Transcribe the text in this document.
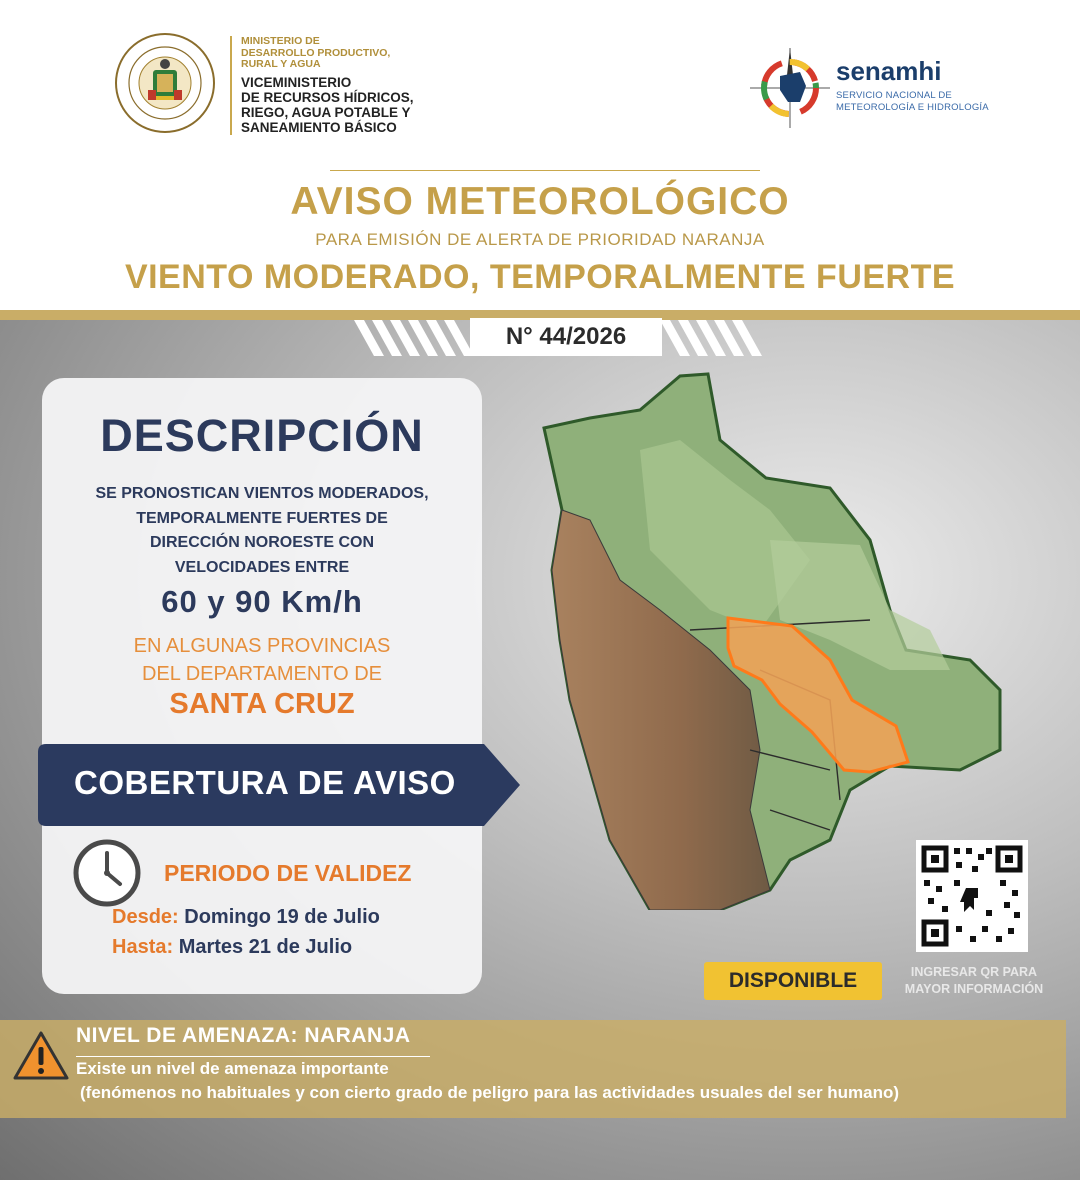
MINISTERIO DE
DESARROLLO PRODUCTIVO,
RURAL Y AGUA
VICEMINISTERIO
DE RECURSOS HÍDRICOS,
RIEGO, AGUA POTABLE Y
SANEAMIENTO BÁSICO
senamhi
SERVICIO NACIONAL DE
METEOROLOGÍA E HIDROLOGÍA
AVISO METEOROLÓGICO
PARA EMISIÓN DE ALERTA DE PRIORIDAD NARANJA
VIENTO MODERADO, TEMPORALMENTE FUERTE
N° 44/2026
DESCRIPCIÓN
SE PRONOSTICAN VIENTOS MODERADOS,
TEMPORALMENTE FUERTES DE
DIRECCIÓN NOROESTE CON
VELOCIDADES ENTRE
60 y 90 Km/h
EN ALGUNAS PROVINCIAS
DEL DEPARTAMENTO DE
SANTA CRUZ
COBERTURA DE AVISO
PERIODO DE VALIDEZ
Desde: Domingo 19 de Julio
Hasta: Martes 21 de Julio
DISPONIBLE	INGRESAR QR PARA
MAYOR INFORMACIÓN
NIVEL DE AMENAZA: NARANJA
Existe un nivel de amenaza importante
(fenómenos no habituales y con cierto grado de peligro para las actividades usuales del ser humano)
